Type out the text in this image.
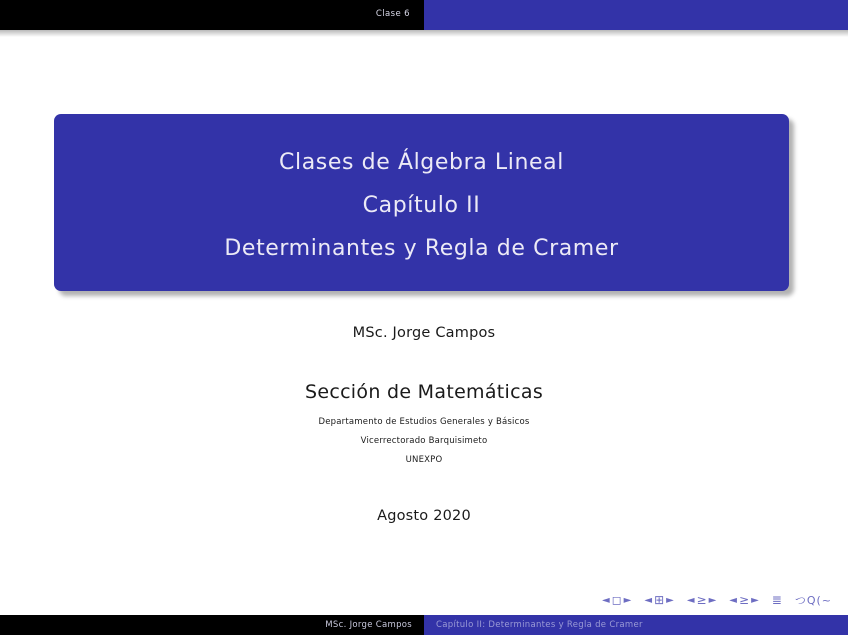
Clase 6
Clases de Álgebra Lineal
Capítulo II
Determinantes y Regla de Cramer
MSc. Jorge Campos
Sección de Matemáticas
Departamento de Estudios Generales y Básicos
Vicerrectorado Barquisimeto
UNEXPO
Agosto 2020
◄ ◻ ► ◄ ⊞ ► ◄ ≥ ► ◄ ≥ ► ≣ つQ(~
MSc. Jorge Campos	Capítulo II: Determinantes y Regla de Cramer
